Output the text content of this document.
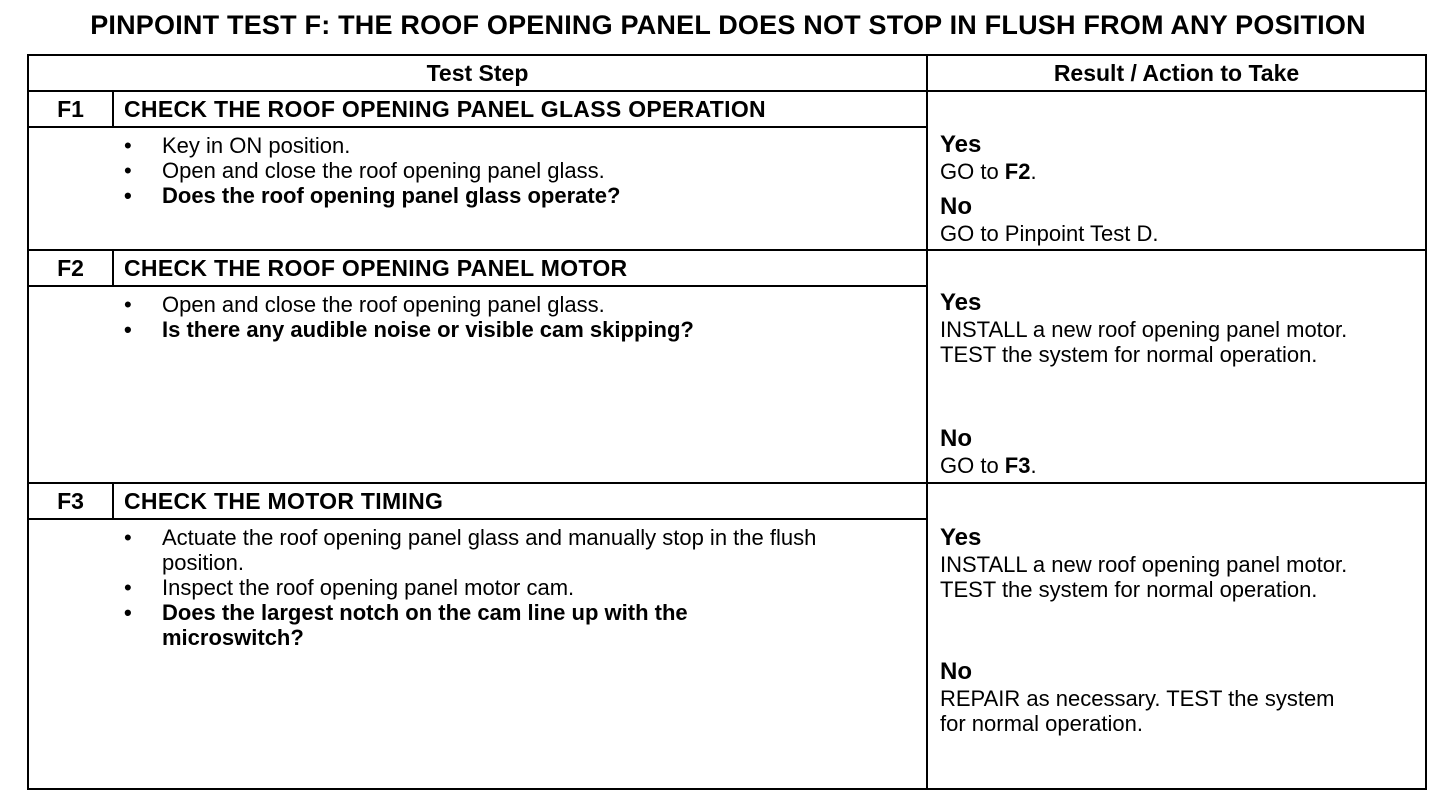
PINPOINT TEST F: THE ROOF OPENING PANEL DOES NOT STOP IN FLUSH FROM ANY POSITION
Test Step	Result / Action to Take
F1	CHECK THE ROOF OPENING PANEL GLASS OPERATION
•	Key in ON position.
•	Open and close the roof opening panel glass.
•	Does the roof opening panel glass operate?
Yes
GO to F2.
No
GO to Pinpoint Test D.
F2	CHECK THE ROOF OPENING PANEL MOTOR
•	Open and close the roof opening panel glass.
•	Is there any audible noise or visible cam skipping?
Yes
INSTALL a new roof opening panel motor.
TEST the system for normal operation.
No
GO to F3.
F3	CHECK THE MOTOR TIMING
•	Actuate the roof opening panel glass and manually stop in the flush position.
•	Inspect the roof opening panel motor cam.
•	Does the largest notch on the cam line up with the microswitch?
Yes
INSTALL a new roof opening panel motor.
TEST the system for normal operation.
No
REPAIR as necessary. TEST the system
for normal operation.
